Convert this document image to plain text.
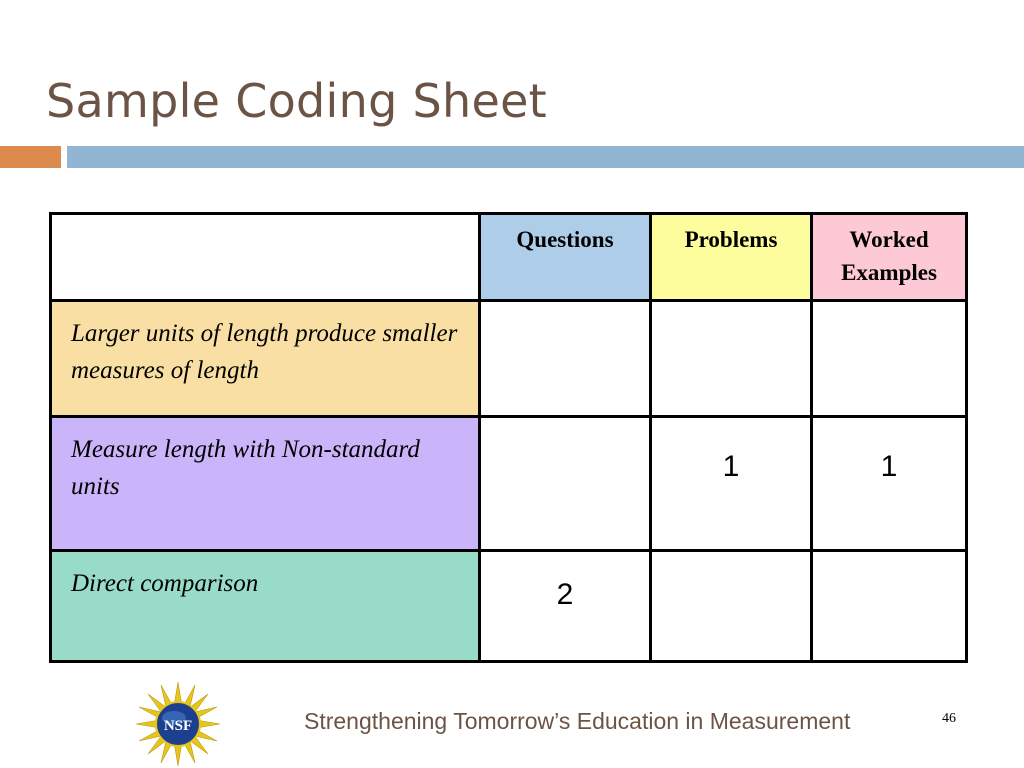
Sample Coding Sheet
	Questions	Problems	Worked Examples
Larger units of length produce smaller measures of length			
Measure length with Non-standard units		1	1
Direct comparison	2		
NSF	Strengthening Tomorrow’s Education in Measurement	46
